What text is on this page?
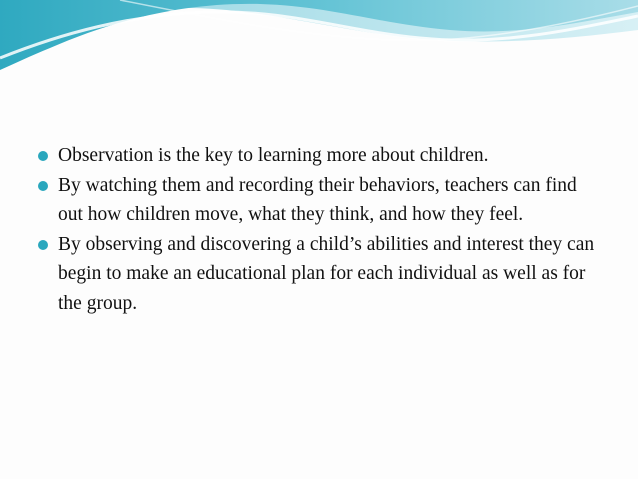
Observation is the key to learning more about children.

By watching them and recording their behaviors, teachers can find out how children move, what they think, and how they feel.

By observing and discovering a child’s abilities and interest they can begin to make an educational plan for each individual as well as for the group.
